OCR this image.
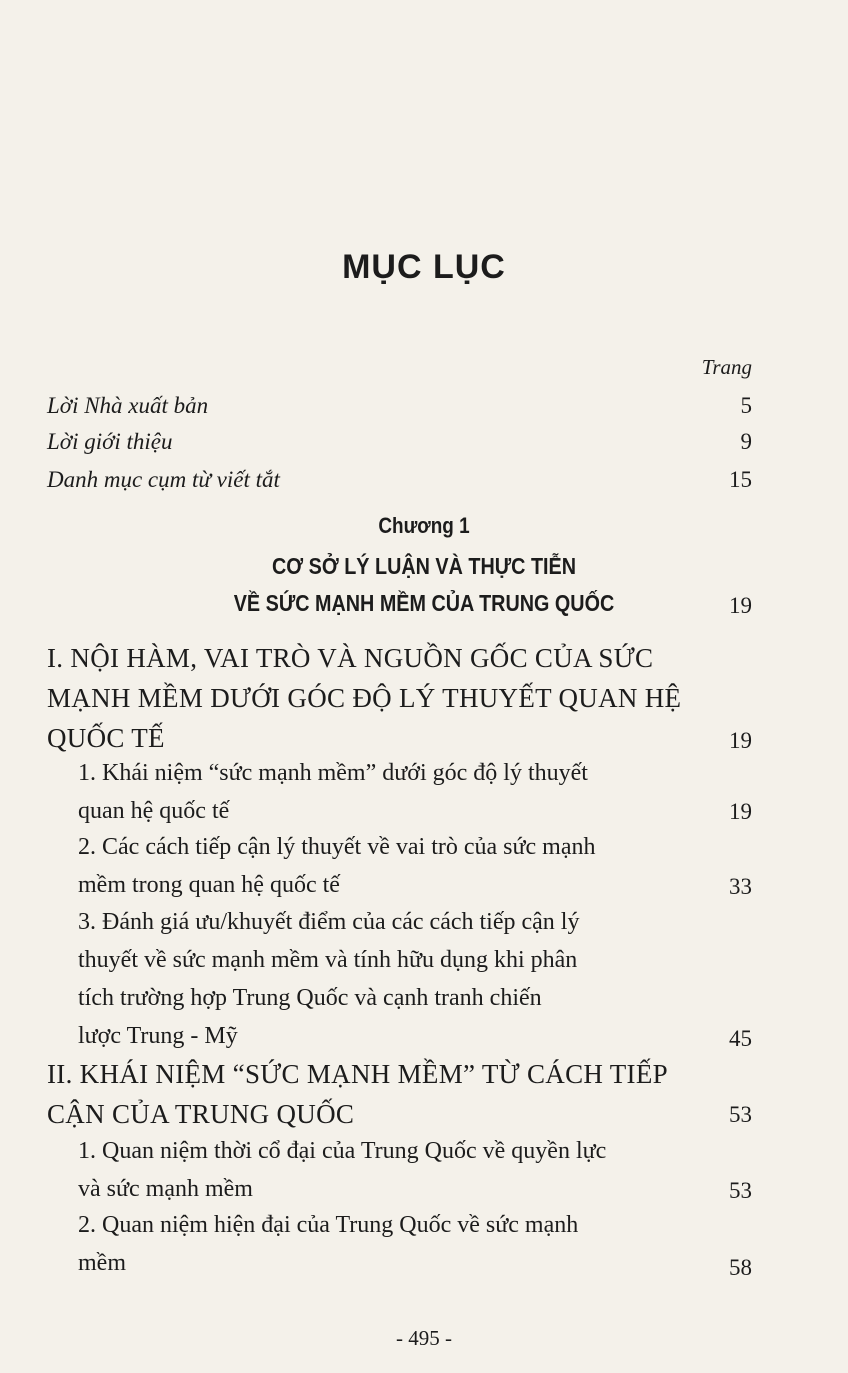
MỤC LỤC
Trang
Lời Nhà xuất bản	5
Lời giới thiệu	9
Danh mục cụm từ viết tắt	15
Chương 1
CƠ SỞ LÝ LUẬN VÀ THỰC TIỄN
VỀ SỨC MẠNH MỀM CỦA TRUNG QUỐC	19
I. NỘI HÀM, VAI TRÒ VÀ NGUỒN GỐC CỦA SỨC
MẠNH MỀM DƯỚI GÓC ĐỘ LÝ THUYẾT QUAN HỆ
QUỐC TẾ	19
1. Khái niệm “sức mạnh mềm” dưới góc độ lý thuyết
quan hệ quốc tế	19
2. Các cách tiếp cận lý thuyết về vai trò của sức mạnh
mềm trong quan hệ quốc tế	33
3. Đánh giá ưu/khuyết điểm của các cách tiếp cận lý
thuyết về sức mạnh mềm và tính hữu dụng khi phân
tích trường hợp Trung Quốc và cạnh tranh chiến
lược Trung - Mỹ	45
II. KHÁI NIỆM “SỨC MẠNH MỀM” TỪ CÁCH TIẾP
CẬN CỦA TRUNG QUỐC	53
1. Quan niệm thời cổ đại của Trung Quốc về quyền lực
và sức mạnh mềm	53
2. Quan niệm hiện đại của Trung Quốc về sức mạnh
mềm	58
- 495 -
